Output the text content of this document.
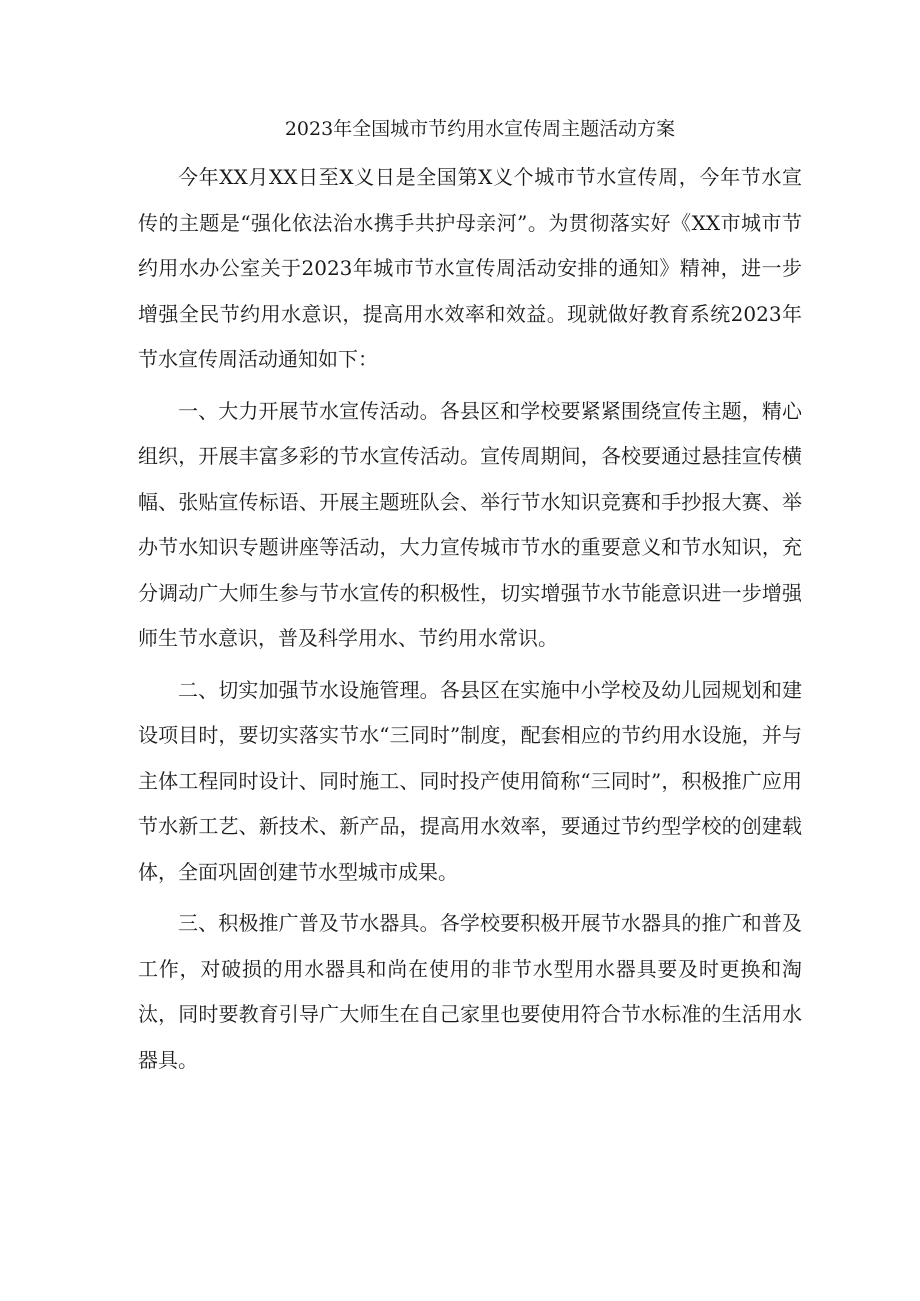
2023年全国城市节约用水宣传周主题活动方案

今年XX月XX日至X义日是全国第X义个城市节水宣传周，今年节水宣传的主题是“强化依法治水携手共护母亲河”。为贯彻落实好《XX市城市节约用水办公室关于2023年城市节水宣传周活动安排的通知》精神，进一步增强全民节约用水意识，提高用水效率和效益。现就做好教育系统2023年节水宣传周活动通知如下：

一、大力开展节水宣传活动。各县区和学校要紧紧围绕宣传主题，精心组织，开展丰富多彩的节水宣传活动。宣传周期间，各校要通过悬挂宣传横幅、张贴宣传标语、开展主题班队会、举行节水知识竞赛和手抄报大赛、举办节水知识专题讲座等活动，大力宣传城市节水的重要意义和节水知识，充分调动广大师生参与节水宣传的积极性，切实增强节水节能意识进一步增强师生节水意识，普及科学用水、节约用水常识。

二、切实加强节水设施管理。各县区在实施中小学校及幼儿园规划和建设项目时，要切实落实节水“三同时”制度，配套相应的节约用水设施，并与主体工程同时设计、同时施工、同时投产使用简称“三同时”，积极推广应用节水新工艺、新技术、新产品，提高用水效率，要通过节约型学校的创建载体，全面巩固创建节水型城市成果。

三、积极推广普及节水器具。各学校要积极开展节水器具的推广和普及工作，对破损的用水器具和尚在使用的非节水型用水器具要及时更换和淘汰，同时要教育引导广大师生在自己家里也要使用符合节水标准的生活用水器具。
